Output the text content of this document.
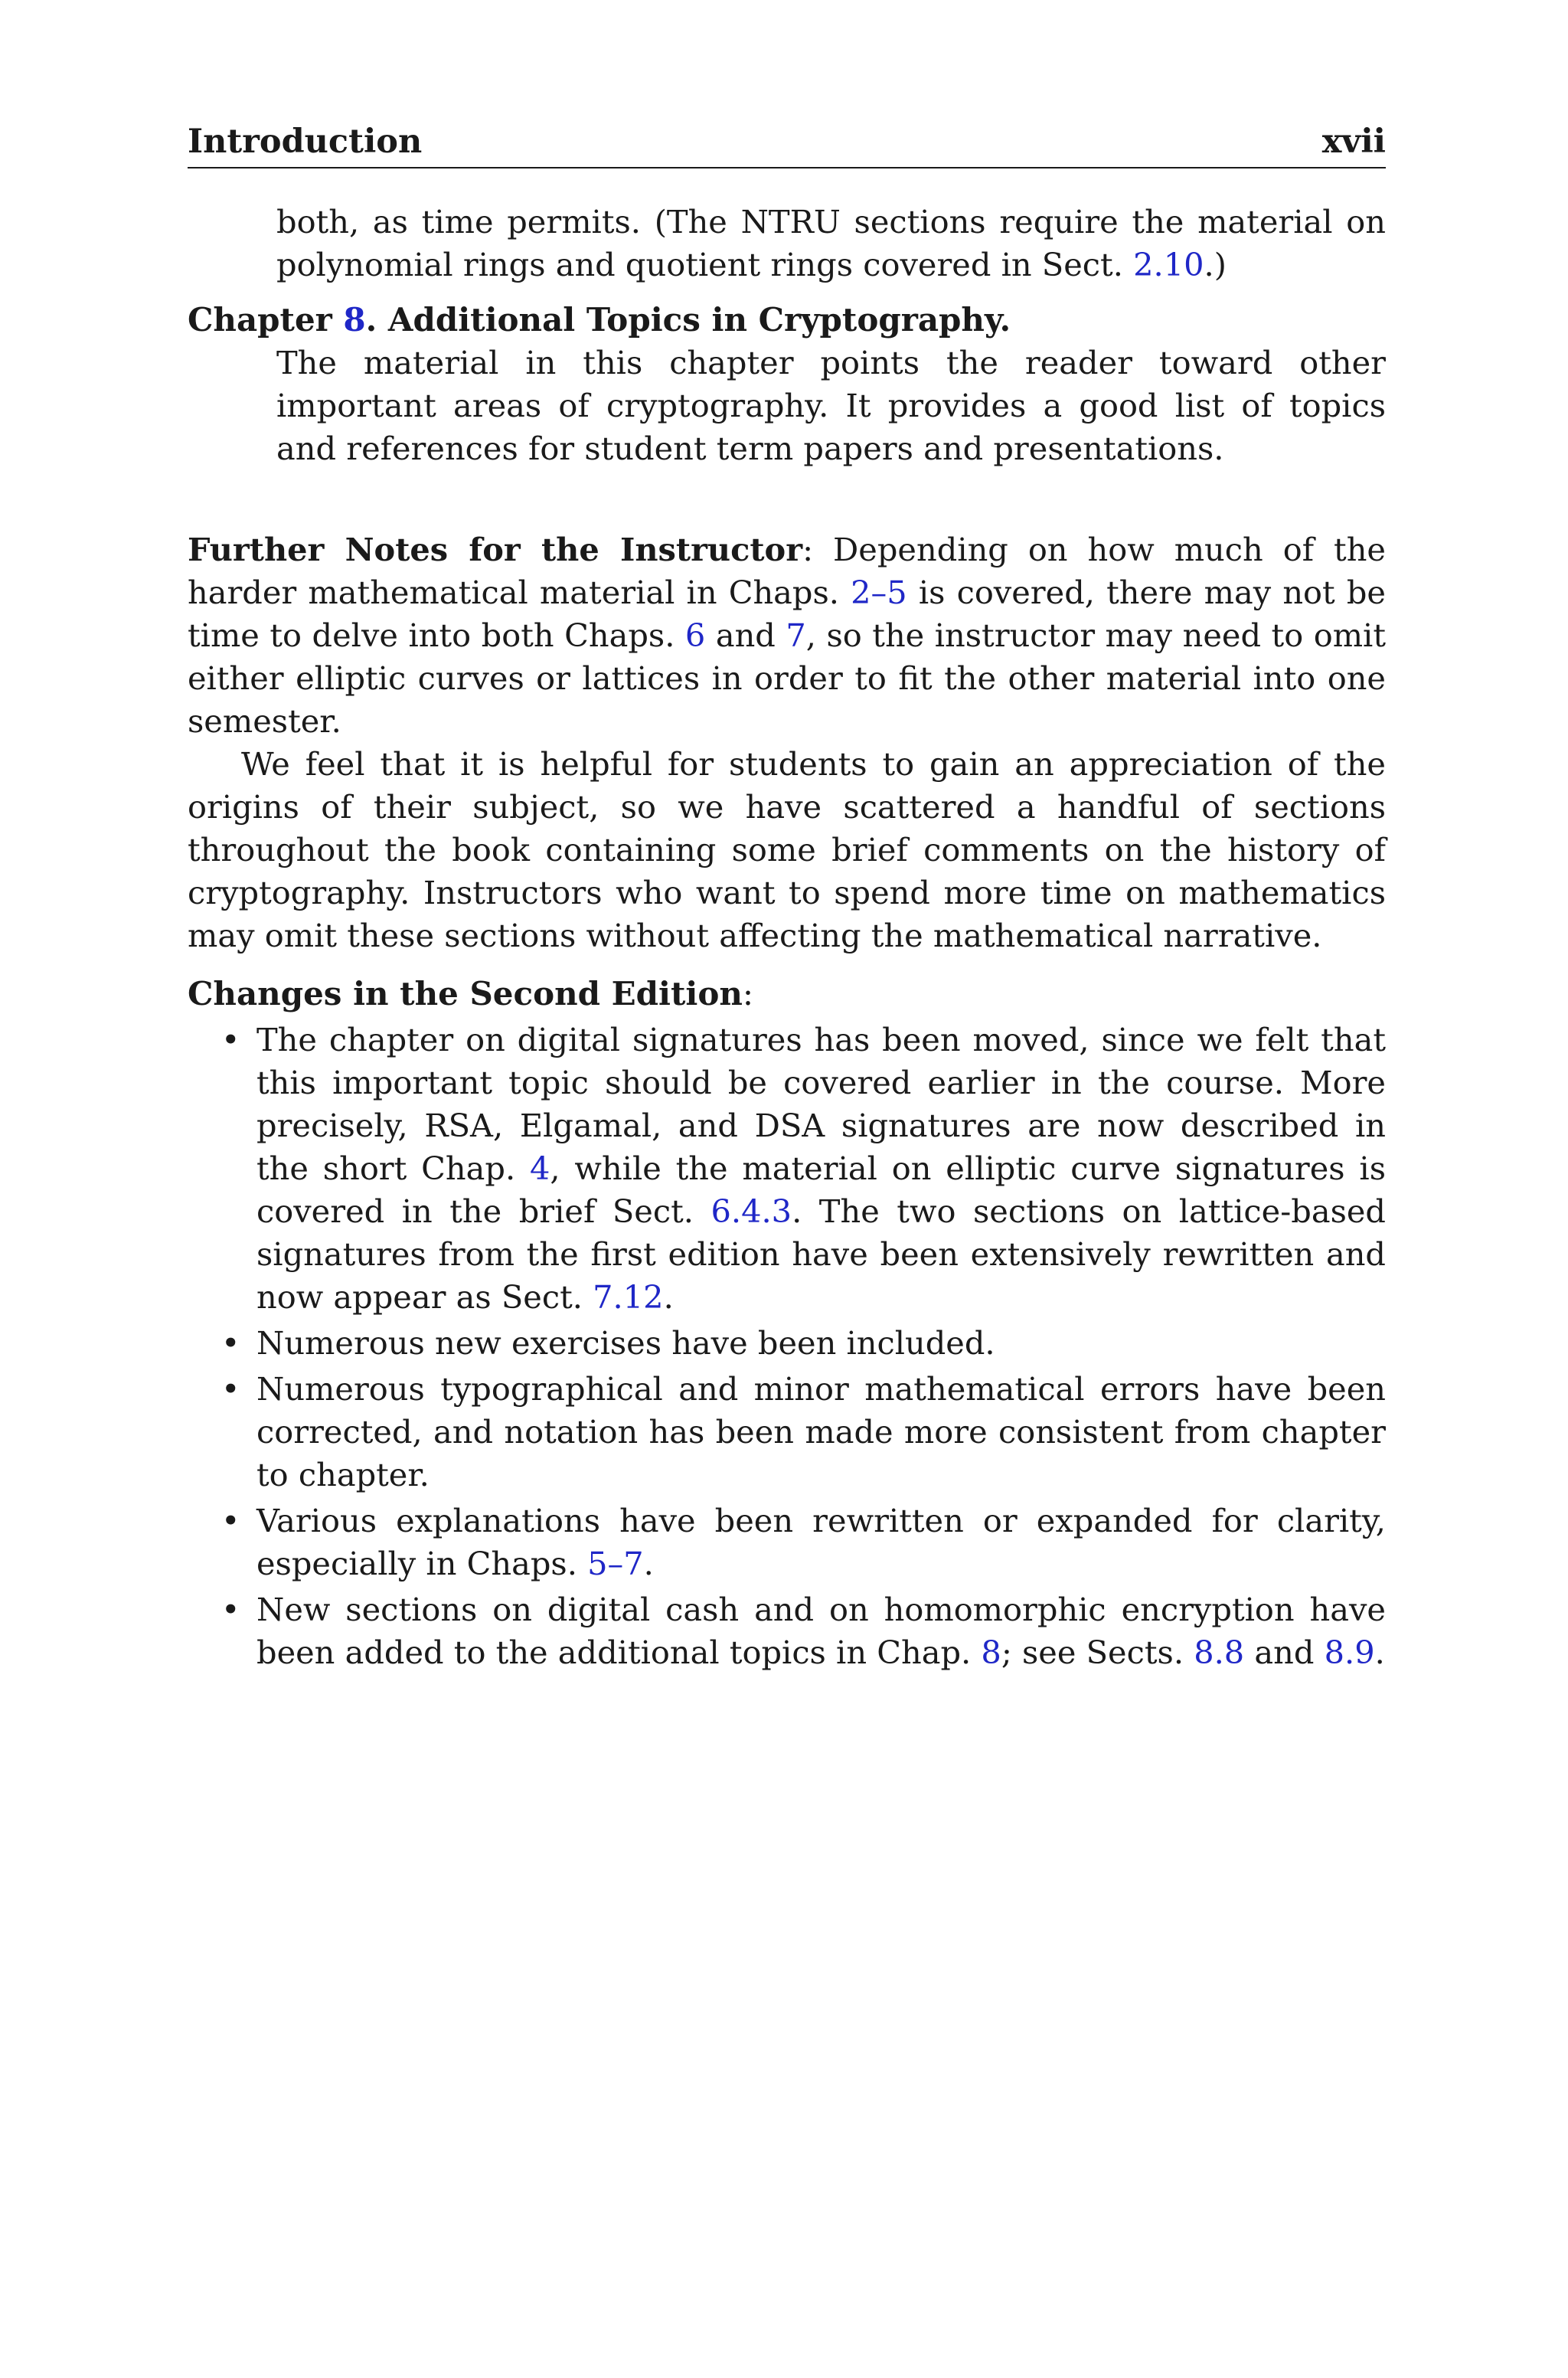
Introduction	xvii
both, as time permits. (The NTRU sections require the material on polynomial rings and quotient rings covered in Sect. 2.10.)
Chapter 8. Additional Topics in Cryptography.
The material in this chapter points the reader toward other important areas of cryptography. It provides a good list of topics and references for student term papers and presentations.
Further Notes for the Instructor: Depending on how much of the harder mathematical material in Chaps. 2–5 is covered, there may not be time to delve into both Chaps. 6 and 7, so the instructor may need to omit either elliptic curves or lattices in order to fit the other material into one semester.
We feel that it is helpful for students to gain an appreciation of the origins of their subject, so we have scattered a handful of sections throughout the book containing some brief comments on the history of cryptography. Instructors who want to spend more time on mathematics may omit these sections without affecting the mathematical narrative.
Changes in the Second Edition:
• The chapter on digital signatures has been moved, since we felt that this important topic should be covered earlier in the course. More precisely, RSA, Elgamal, and DSA signatures are now described in the short Chap. 4, while the material on elliptic curve signatures is covered in the brief Sect. 6.4.3. The two sections on lattice-based signatures from the first edition have been extensively rewritten and now appear as Sect. 7.12.
• Numerous new exercises have been included.
• Numerous typographical and minor mathematical errors have been corrected, and notation has been made more consistent from chapter to chapter.
• Various explanations have been rewritten or expanded for clarity, especially in Chaps. 5–7.
• New sections on digital cash and on homomorphic encryption have been added to the additional topics in Chap. 8; see Sects. 8.8 and 8.9.
